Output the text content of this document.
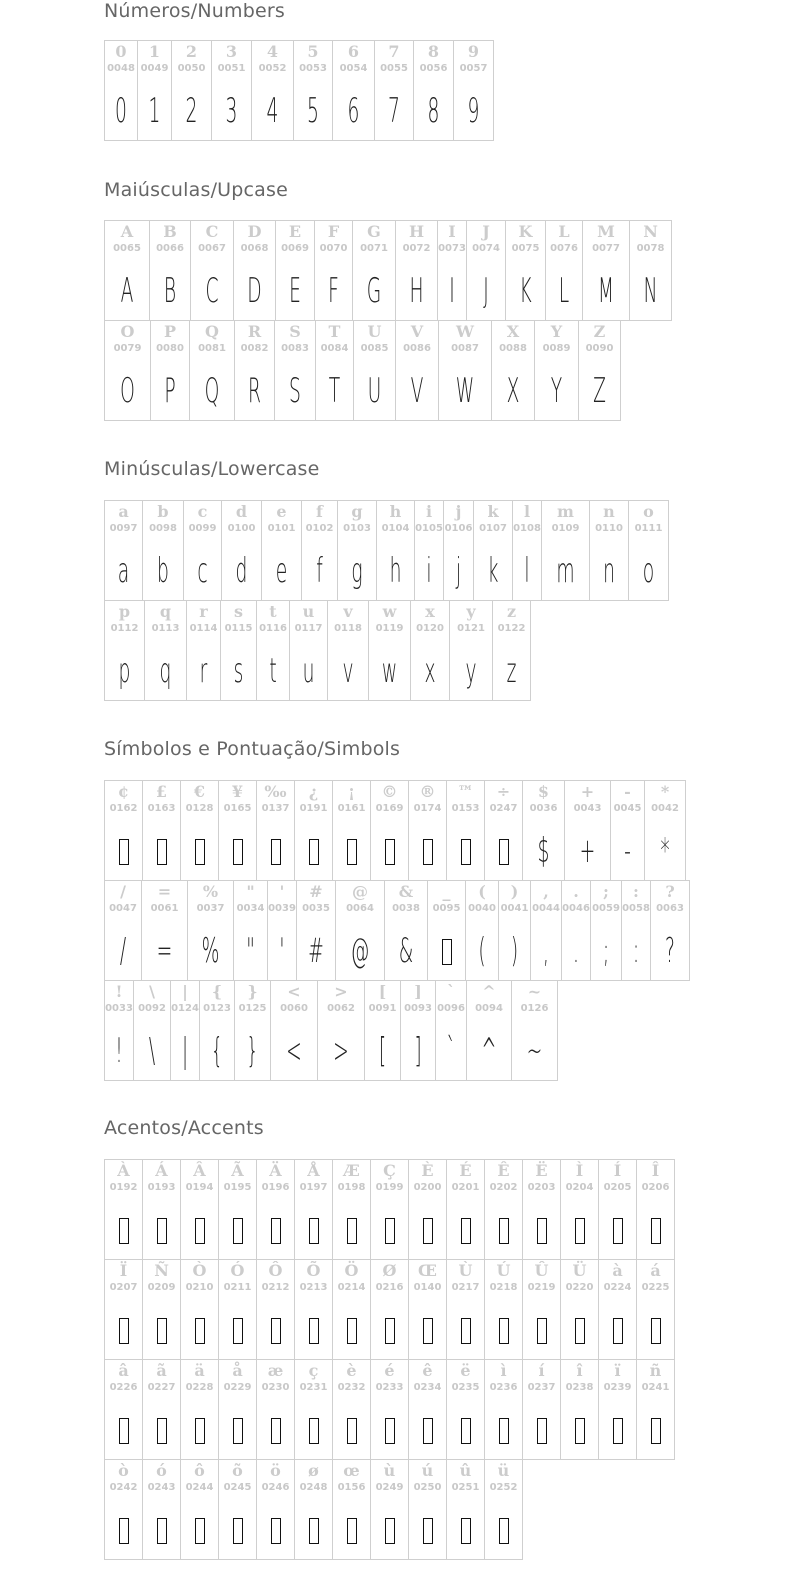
Números/Numbers
0
0048
0
1
0049
1
2
0050
2
3
0051
3
4
0052
4
5
0053
5
6
0054
6
7
0055
7
8
0056
8
9
0057
9
Maiúsculas/Upcase
A
0065
A
B
0066
B
C
0067
C
D
0068
D
E
0069
E
F
0070
F
G
0071
G
H
0072
H
I
0073
I
J
0074
J
K
0075
K
L
0076
L
M
0077
M
N
0078
N
O
0079
O
P
0080
P
Q
0081
Q
R
0082
R
S
0083
S
T
0084
T
U
0085
U
V
0086
V
W
0087
W
X
0088
X
Y
0089
Y
Z
0090
Z
Minúsculas/Lowercase
a
0097
a
b
0098
b
c
0099
c
d
0100
d
e
0101
e
f
0102
f
g
0103
g
h
0104
h
i
0105
i
j
0106
j
k
0107
k
l
0108
l
m
0109
m
n
0110
n
o
0111
o
p
0112
p
q
0113
q
r
0114
r
s
0115
s
t
0116
t
u
0117
u
v
0118
v
w
0119
w
x
0120
x
y
0121
y
z
0122
z
Símbolos e Pontuação/Simbols
¢
0162
£
0163
€
0128
¥
0165
‰
0137
¿
0191
¡
0161
©
0169
®
0174
™
0153
÷
0247
$
0036
$
+
0043
+
-
0045
-
*
0042
*
/
0047
/
=
0061
=
%
0037
%
"
0034
"
'
0039
'
#
0035
#
@
0064
@
&
0038
&
_
0095
(
0040
(
)
0041
)
,
0044
,
.
0046
.
;
0059
;
:
0058
:
?
0063
?
!
0033
!
\
0092
\
|
0124
|
{
0123
{
}
0125
}
<
0060
<
>
0062
>
[
0091
[
]
0093
]
`
0096
`
^
0094
^
~
0126
~
Acentos/Accents
À
0192
Á
0193
Â
0194
Ã
0195
Ä
0196
Å
0197
Æ
0198
Ç
0199
È
0200
É
0201
Ê
0202
Ë
0203
Ì
0204
Í
0205
Î
0206
Ï
0207
Ñ
0209
Ò
0210
Ó
0211
Ô
0212
Õ
0213
Ö
0214
Ø
0216
Œ
0140
Ù
0217
Ú
0218
Û
0219
Ü
0220
à
0224
á
0225
â
0226
ã
0227
ä
0228
å
0229
æ
0230
ç
0231
è
0232
é
0233
ê
0234
ë
0235
ì
0236
í
0237
î
0238
ï
0239
ñ
0241
ò
0242
ó
0243
ô
0244
õ
0245
ö
0246
ø
0248
œ
0156
ù
0249
ú
0250
û
0251
ü
0252
